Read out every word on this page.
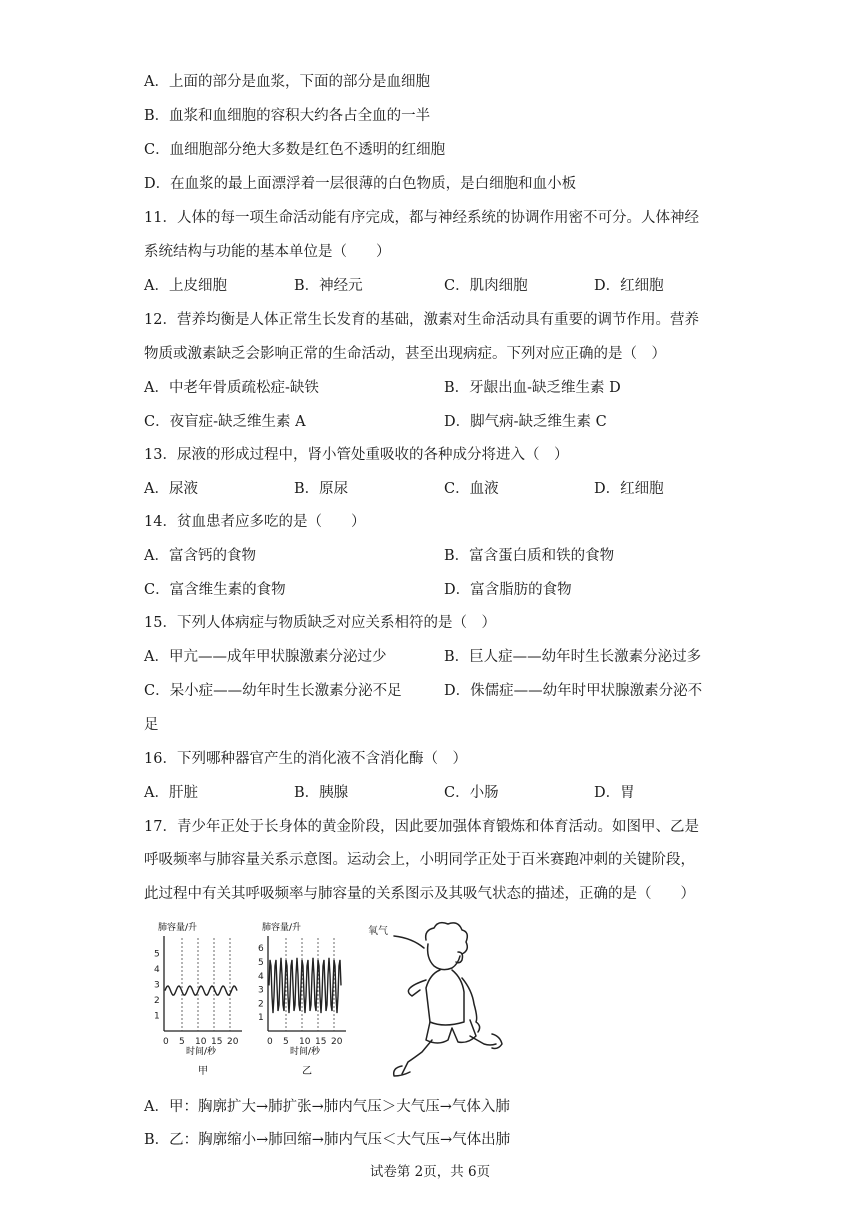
A．上面的部分是血浆，下面的部分是血细胞
B．血浆和血细胞的容积大约各占全血的一半
C．血细胞部分绝大多数是红色不透明的红细胞
D．在血浆的最上面漂浮着一层很薄的白色物质，是白细胞和血小板
11．人体的每一项生命活动能有序完成，都与神经系统的协调作用密不可分。人体神经
系统结构与功能的基本单位是（　　）
A．上皮细胞	B．神经元	C．肌肉细胞	D．红细胞
12．营养均衡是人体正常生长发育的基础，激素对生命活动具有重要的调节作用。营养
物质或激素缺乏会影响正常的生命活动，甚至出现病症。下列对应正确的是（　）
A．中老年骨质疏松症-缺铁	B．牙龈出血-缺乏维生素 D
C．夜盲症-缺乏维生素 A	D．脚气病-缺乏维生素 C
13．尿液的形成过程中，肾小管处重吸收的各种成分将进入（　）
A．尿液	B．原尿	C．血液	D．红细胞
14．贫血患者应多吃的是（　　）
A．富含钙的食物	B．富含蛋白质和铁的食物
C．富含维生素的食物	D．富含脂肪的食物
15．下列人体病症与物质缺乏对应关系相符的是（　）
A．甲亢——成年甲状腺激素分泌过少	B．巨人症——幼年时生长激素分泌过多
C．呆小症——幼年时生长激素分泌不足	D．侏儒症——幼年时甲状腺激素分泌不
足
16．下列哪种器官产生的消化液不含消化酶（　）
A．肝脏	B．胰腺	C．小肠	D．胃
17．青少年正处于长身体的黄金阶段，因此要加强体育锻炼和体育活动。如图甲、乙是
呼吸频率与肺容量关系示意图。运动会上，小明同学正处于百米赛跑冲刺的关键阶段，
此过程中有关其呼吸频率与肺容量的关系图示及其吸气状态的描述，正确的是（　　）
肺容量/升
1
2
3
4
5
0 5 10 15 20
时间/秒
甲
肺容量/升
1
2
3
4
5
6
0 5 10 15 20
时间/秒
乙
氧气
A．甲：胸廓扩大→肺扩张→肺内气压＞大气压→气体入肺
B．乙：胸廓缩小→肺回缩→肺内气压＜大气压→气体出肺
试卷第 2页，共 6页
